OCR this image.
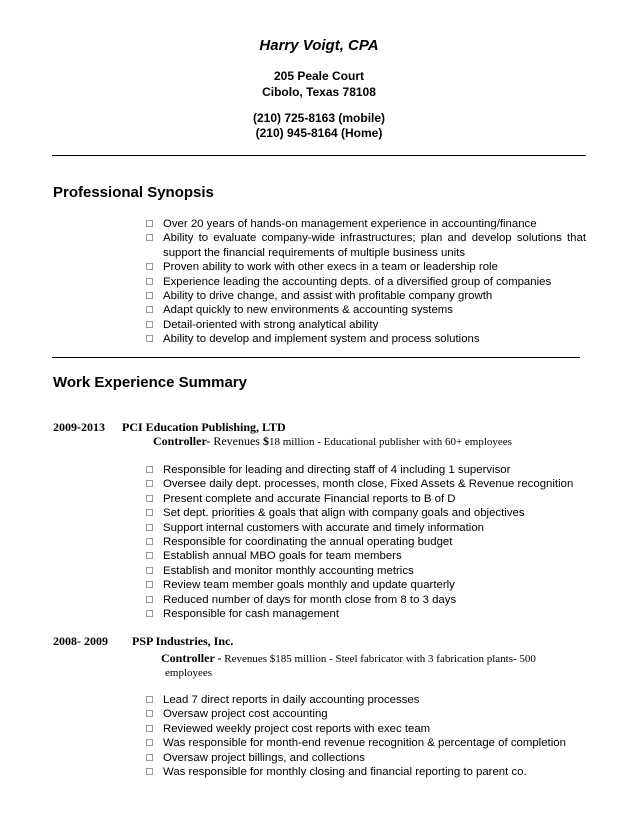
Harry Voigt, CPA
205 Peale Court
Cibolo, Texas 78108
(210) 725-8163 (mobile)
(210) 945-8164 (Home)
Professional Synopsis
Over 20 years of hands-on management experience in accounting/finance
Ability to evaluate company-wide infrastructures; plan and develop solutions that support the financial requirements of multiple business units
Proven ability to work with other execs in a team or leadership role
Experience leading the accounting depts. of a diversified group of companies
Ability to drive change, and assist with profitable company growth
Adapt quickly to new environments & accounting systems
Detail-oriented with strong analytical ability
Ability to develop and implement system and process solutions
Work Experience Summary
2009-2013 PCI Education Publishing, LTD
Controller- Revenues $18 million - Educational publisher with 60+ employees
Responsible for leading and directing staff of 4 including 1 supervisor
Oversee daily dept. processes, month close, Fixed Assets & Revenue recognition
Present complete and accurate Financial reports to B of D
Set dept. priorities & goals that align with company goals and objectives
Support internal customers with accurate and timely information
Responsible for coordinating the annual operating budget
Establish annual MBO goals for team members
Establish and monitor monthly accounting metrics
Review team member goals monthly and update quarterly
Reduced number of days for month close from 8 to 3 days
Responsible for cash management
2008- 2009 PSP Industries, Inc.
Controller - Revenues $185 million - Steel fabricator with 3 fabrication plants- 500
employees
Lead 7 direct reports in daily accounting processes
Oversaw project cost accounting
Reviewed weekly project cost reports with exec team
Was responsible for month-end revenue recognition & percentage of completion
Oversaw project billings, and collections
Was responsible for monthly closing and financial reporting to parent co.
